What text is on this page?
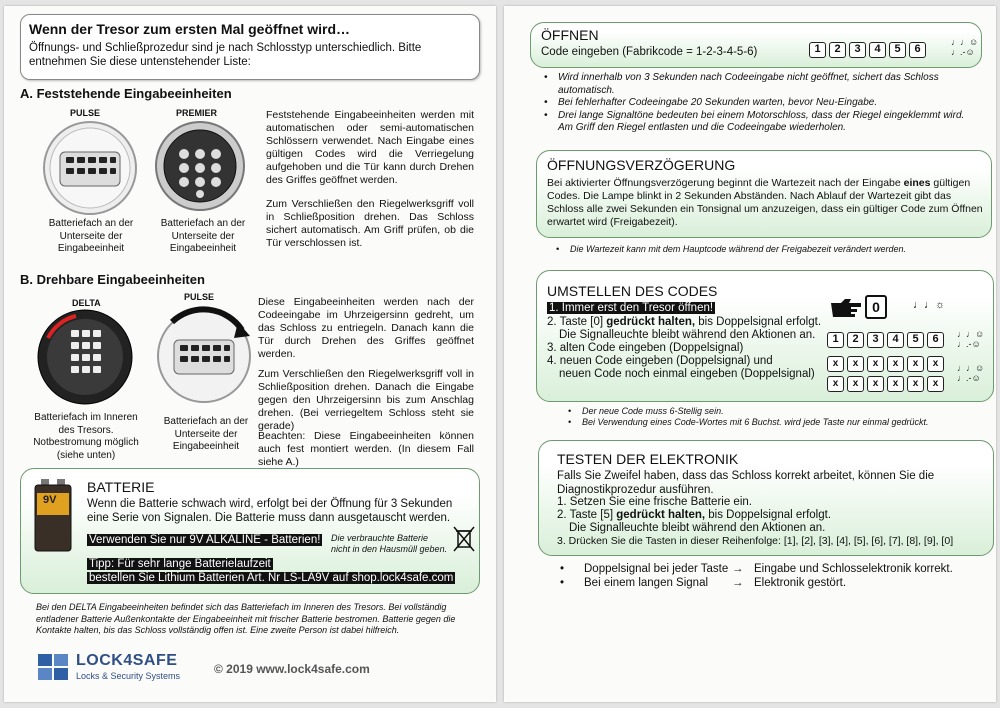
Wenn der Tresor zum ersten Mal geöffnet wird…
Öffnungs- und Schließprozedur sind je nach Schlosstyp unterschiedlich. Bitte entnehmen Sie diese untenstehender Liste:
A. Feststehende Eingabeeinheiten
PULSE	PREMIER
Batteriefach an der Unterseite der Eingabeeinheit
Batteriefach an der Unterseite der Eingabeeinheit
Feststehende Eingabeeinheiten werden mit automatischen oder semi-automatischen Schlössern verwendet. Nach Eingabe eines gültigen Codes wird die Verriegelung aufgehoben und die Tür kann durch Drehen des Griffes geöffnet werden.
Zum Verschließen den Riegelwerksgriff voll in Schließposition drehen. Das Schloss sichert automatisch. Am Griff prüfen, ob die Tür verschlossen ist.
B. Drehbare Eingabeeinheiten
DELTA
PULSE
Batteriefach im Inneren des Tresors. Notbestromung möglich (siehe unten)
Batteriefach an der Unterseite der Eingabeeinheit
Diese Eingabeeinheiten werden nach der Codeeingabe im Uhrzeigersinn gedreht, um das Schloss zu entriegeln. Danach kann die Tür durch Drehen des Griffes geöffnet werden.
Zum Verschließen den Riegelwerksgriff voll in Schließposition drehen. Danach die Eingabe gegen den Uhrzeigersinn bis zum Anschlag drehen. (Bei verriegeltem Schloss steht sie gerade)
Beachten: Diese Eingabeeinheiten können auch fest montiert werden. (In diesem Fall siehe A.)
9V
BATTERIE
Wenn die Batterie schwach wird, erfolgt bei der Öffnung für 3 Sekunden eine Serie von Signalen. Die Batterie muss dann ausgetauscht werden.
Verwenden Sie nur 9V ALKALINE - Batterien! Die verbrauchte Batterie nicht in den Hausmüll geben.
Tipp: Für sehr lange Batterielaufzeit
bestellen Sie Lithium Batterien Art. Nr LS-LA9V auf shop.lock4safe.com
Bei den DELTA Eingabeeinheiten befindet sich das Batteriefach im Inneren des Tresors. Bei vollständig entladener Batterie Außenkontakte der Eingabeeinheit mit frischer Batterie bestromen. Batterie gegen die Kontakte halten, bis das Schloss vollständig offen ist. Eine zweite Person ist dabei hilfreich.
LOCK4SAFE
Locks & Security Systems	© 2019 www.lock4safe.com
ÖFFNEN
Code eingeben (Fabrikcode = 1-2-3-4-5-6)	1 2 3 4 5 6
♩♩☺
♩.-☺
• Wird innerhalb von 3 Sekunden nach Codeeingabe nicht geöffnet, sichert das Schloss automatisch.
• Bei fehlerhafter Codeeingabe 20 Sekunden warten, bevor Neu-Eingabe.
• Drei lange Signaltöne bedeuten bei einem Motorschloss, dass der Riegel eingeklemmt wird. Am Griff den Riegel entlasten und die Codeeingabe wiederholen.
ÖFFNUNGSVERZÖGERUNG
Bei aktivierter Öffnungsverzögerung beginnt die Wartezeit nach der Eingabe eines gültigen Codes. Die Lampe blinkt in 2 Sekunden Abständen. Nach Ablauf der Wartezeit gibt das Schloss alle zwei Sekunden ein Tonsignal um anzuzeigen, dass ein gültiger Code zum Öffnen erwartet wird (Freigabezeit).
• Die Wartezeit kann mit dem Hauptcode während der Freigabezeit verändert werden.
UMSTELLEN DES CODES
1. Immer erst den Tresor öffnen!
2. Taste [0] gedrückt halten, bis Doppelsignal erfolgt.
Die Signalleuchte bleibt während den Aktionen an.
3. alten Code eingeben (Doppelsignal)
4. neuen Code eingeben (Doppelsignal) und
neuen Code noch einmal eingeben (Doppelsignal)
0	♩♩☼
1 2 3 4 5 6	♩♩☺
♩.-☺
x x x x x x
x x x x x x
♩♩☺
♩.-☺
• Der neue Code muss 6-Stellig sein.
• Bei Verwendung eines Code-Wortes mit 6 Buchst. wird jede Taste nur einmal gedrückt.
TESTEN DER ELEKTRONIK
Falls Sie Zweifel haben, dass das Schloss korrekt arbeitet, können Sie die Diagnostikprozedur ausführen.
1. Setzen Sie eine frische Batterie ein.
2. Taste [5] gedrückt halten, bis Doppelsignal erfolgt.
Die Signalleuchte bleibt während den Aktionen an.
3. Drücken Sie die Tasten in dieser Reihenfolge: [1], [2], [3], [4], [5], [6], [7], [8], [9], [0]
• Doppelsignal bei jeder Taste → Eingabe und Schlosselektronik korrekt.
• Bei einem langen Signal → Elektronik gestört.
